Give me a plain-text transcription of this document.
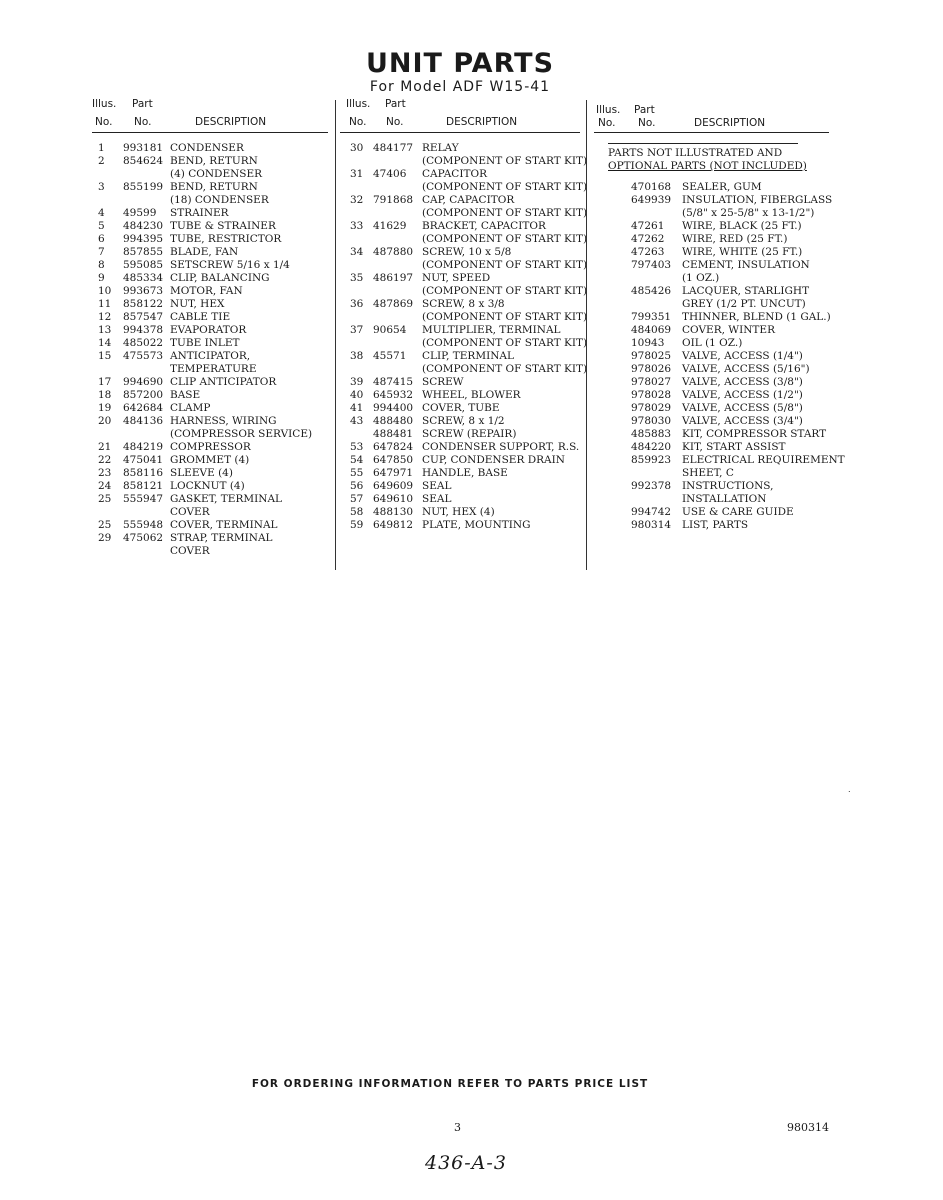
UNIT PARTS
For Model ADF W15-41
Illus. Part
No. No.	DESCRIPTION
1 993181 CONDENSER
2 854624 BEND, RETURN
(4) CONDENSER
3 855199 BEND, RETURN
(18) CONDENSER
4 49599 STRAINER
5 484230 TUBE & STRAINER
6 994395 TUBE, RESTRICTOR
7 857855 BLADE, FAN
8 595085 SETSCREW 5/16 x 1/4
9 485334 CLIP, BALANCING
10 993673 MOTOR, FAN
11 858122 NUT, HEX
12 857547 CABLE TIE
13 994378 EVAPORATOR
14 485022 TUBE INLET
15 475573 ANTICIPATOR,
TEMPERATURE
17 994690 CLIP ANTICIPATOR
18 857200 BASE
19 642684 CLAMP
20 484136 HARNESS, WIRING
(COMPRESSOR SERVICE)
21 484219 COMPRESSOR
22 475041 GROMMET (4)
23 858116 SLEEVE (4)
24 858121 LOCKNUT (4)
25 555947 GASKET, TERMINAL
COVER
25 555948 COVER, TERMINAL
29 475062 STRAP, TERMINAL
COVER
Illus. Part
No. No.	DESCRIPTION
30 484177 RELAY
(COMPONENT OF START KIT)
31 47406 CAPACITOR
(COMPONENT OF START KIT)
32 791868 CAP, CAPACITOR
(COMPONENT OF START KIT)
33 41629 BRACKET, CAPACITOR
(COMPONENT OF START KIT)
34 487880 SCREW, 10 x 5/8
(COMPONENT OF START KIT)
35 486197 NUT, SPEED
(COMPONENT OF START KIT)
36 487869 SCREW, 8 x 3/8
(COMPONENT OF START KIT)
37 90654 MULTIPLIER, TERMINAL
(COMPONENT OF START KIT)
38 45571 CLIP, TERMINAL
(COMPONENT OF START KIT)
39 487415 SCREW
40 645932 WHEEL, BLOWER
41 994400 COVER, TUBE
43 488480 SCREW, 8 x 1/2
488481 SCREW (REPAIR)
53 647824 CONDENSER SUPPORT, R.S.
54 647850 CUP, CONDENSER DRAIN
55 647971 HANDLE, BASE
56 649609 SEAL
57 649610 SEAL
58 488130 NUT, HEX (4)
59 649812 PLATE, MOUNTING
Illus. Part
No. No.	DESCRIPTION
PARTS NOT ILLUSTRATED AND
OPTIONAL PARTS (NOT INCLUDED)
470168 SEALER, GUM
649939 INSULATION, FIBERGLASS
(5/8" x 25-5/8" x 13-1/2")
47261 WIRE, BLACK (25 FT.)
47262 WIRE, RED (25 FT.)
47263 WIRE, WHITE (25 FT.)
797403 CEMENT, INSULATION
(1 OZ.)
485426 LACQUER, STARLIGHT
GREY (1/2 PT. UNCUT)
799351 THINNER, BLEND (1 GAL.)
484069 COVER, WINTER
10943 OIL (1 OZ.)
978025 VALVE, ACCESS (1/4")
978026 VALVE, ACCESS (5/16")
978027 VALVE, ACCESS (3/8")
978028 VALVE, ACCESS (1/2")
978029 VALVE, ACCESS (5/8")
978030 VALVE, ACCESS (3/4")
485883 KIT, COMPRESSOR START
484220 KIT, START ASSIST
859923 ELECTRICAL REQUIREMENT
SHEET, C
992378 INSTRUCTIONS,
INSTALLATION
994742 USE & CARE GUIDE
980314 LIST, PARTS
FOR ORDERING INFORMATION REFER TO PARTS PRICE LIST
3	980314
436-A-3
.
